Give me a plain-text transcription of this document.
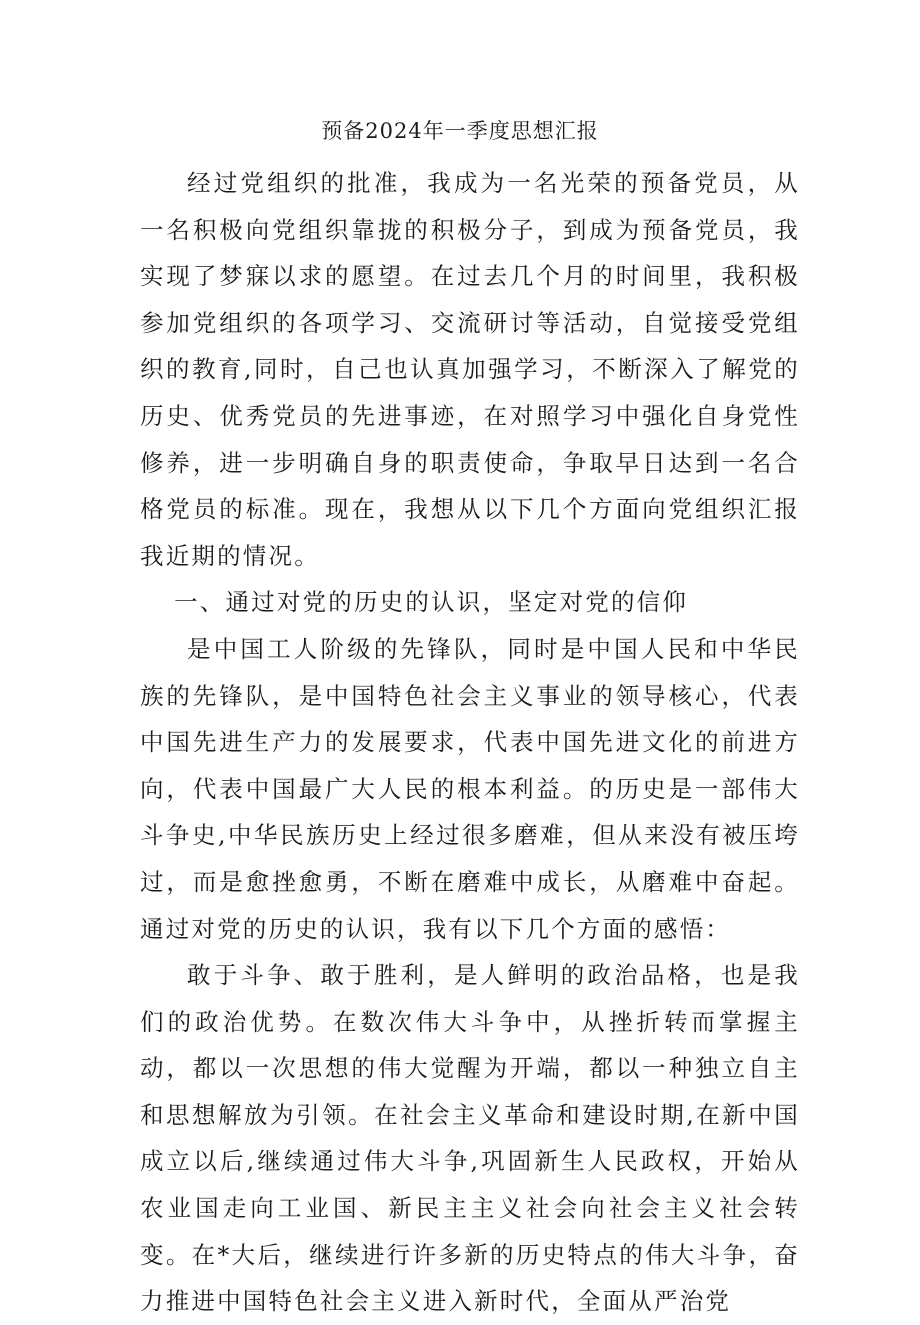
预备2024年一季度思想汇报

经过党组织的批准，我成为一名光荣的预备党员，从一名积极向党组织靠拢的积极分子，到成为预备党员，我实现了梦寐以求的愿望。在过去几个月的时间里，我积极参加党组织的各项学习、交流研讨等活动，自觉接受党组织的教育,同时，自己也认真加强学习，不断深入了解党的历史、优秀党员的先进事迹，在对照学习中强化自身党性修养，进一步明确自身的职责使命，争取早日达到一名合格党员的标准。现在，我想从以下几个方面向党组织汇报我近期的情况。

一、通过对党的历史的认识，坚定对党的信仰

是中国工人阶级的先锋队，同时是中国人民和中华民族的先锋队，是中国特色社会主义事业的领导核心，代表中国先进生产力的发展要求，代表中国先进文化的前进方向，代表中国最广大人民的根本利益。的历史是一部伟大斗争史,中华民族历史上经过很多磨难，但从来没有被压垮过，而是愈挫愈勇，不断在磨难中成长，从磨难中奋起。通过对党的历史的认识，我有以下几个方面的感悟：

敢于斗争、敢于胜利，是人鲜明的政治品格，也是我们的政治优势。在数次伟大斗争中，从挫折转而掌握主动，都以一次思想的伟大觉醒为开端，都以一种独立自主和思想解放为引领。在社会主义革命和建设时期,在新中国成立以后,继续通过伟大斗争,巩固新生人民政权，开始从农业国走向工业国、新民主主义社会向社会主义社会转变。在*大后，继续进行许多新的历史特点的伟大斗争，奋力推进中国特色社会主义进入新时代，全面从严治党
